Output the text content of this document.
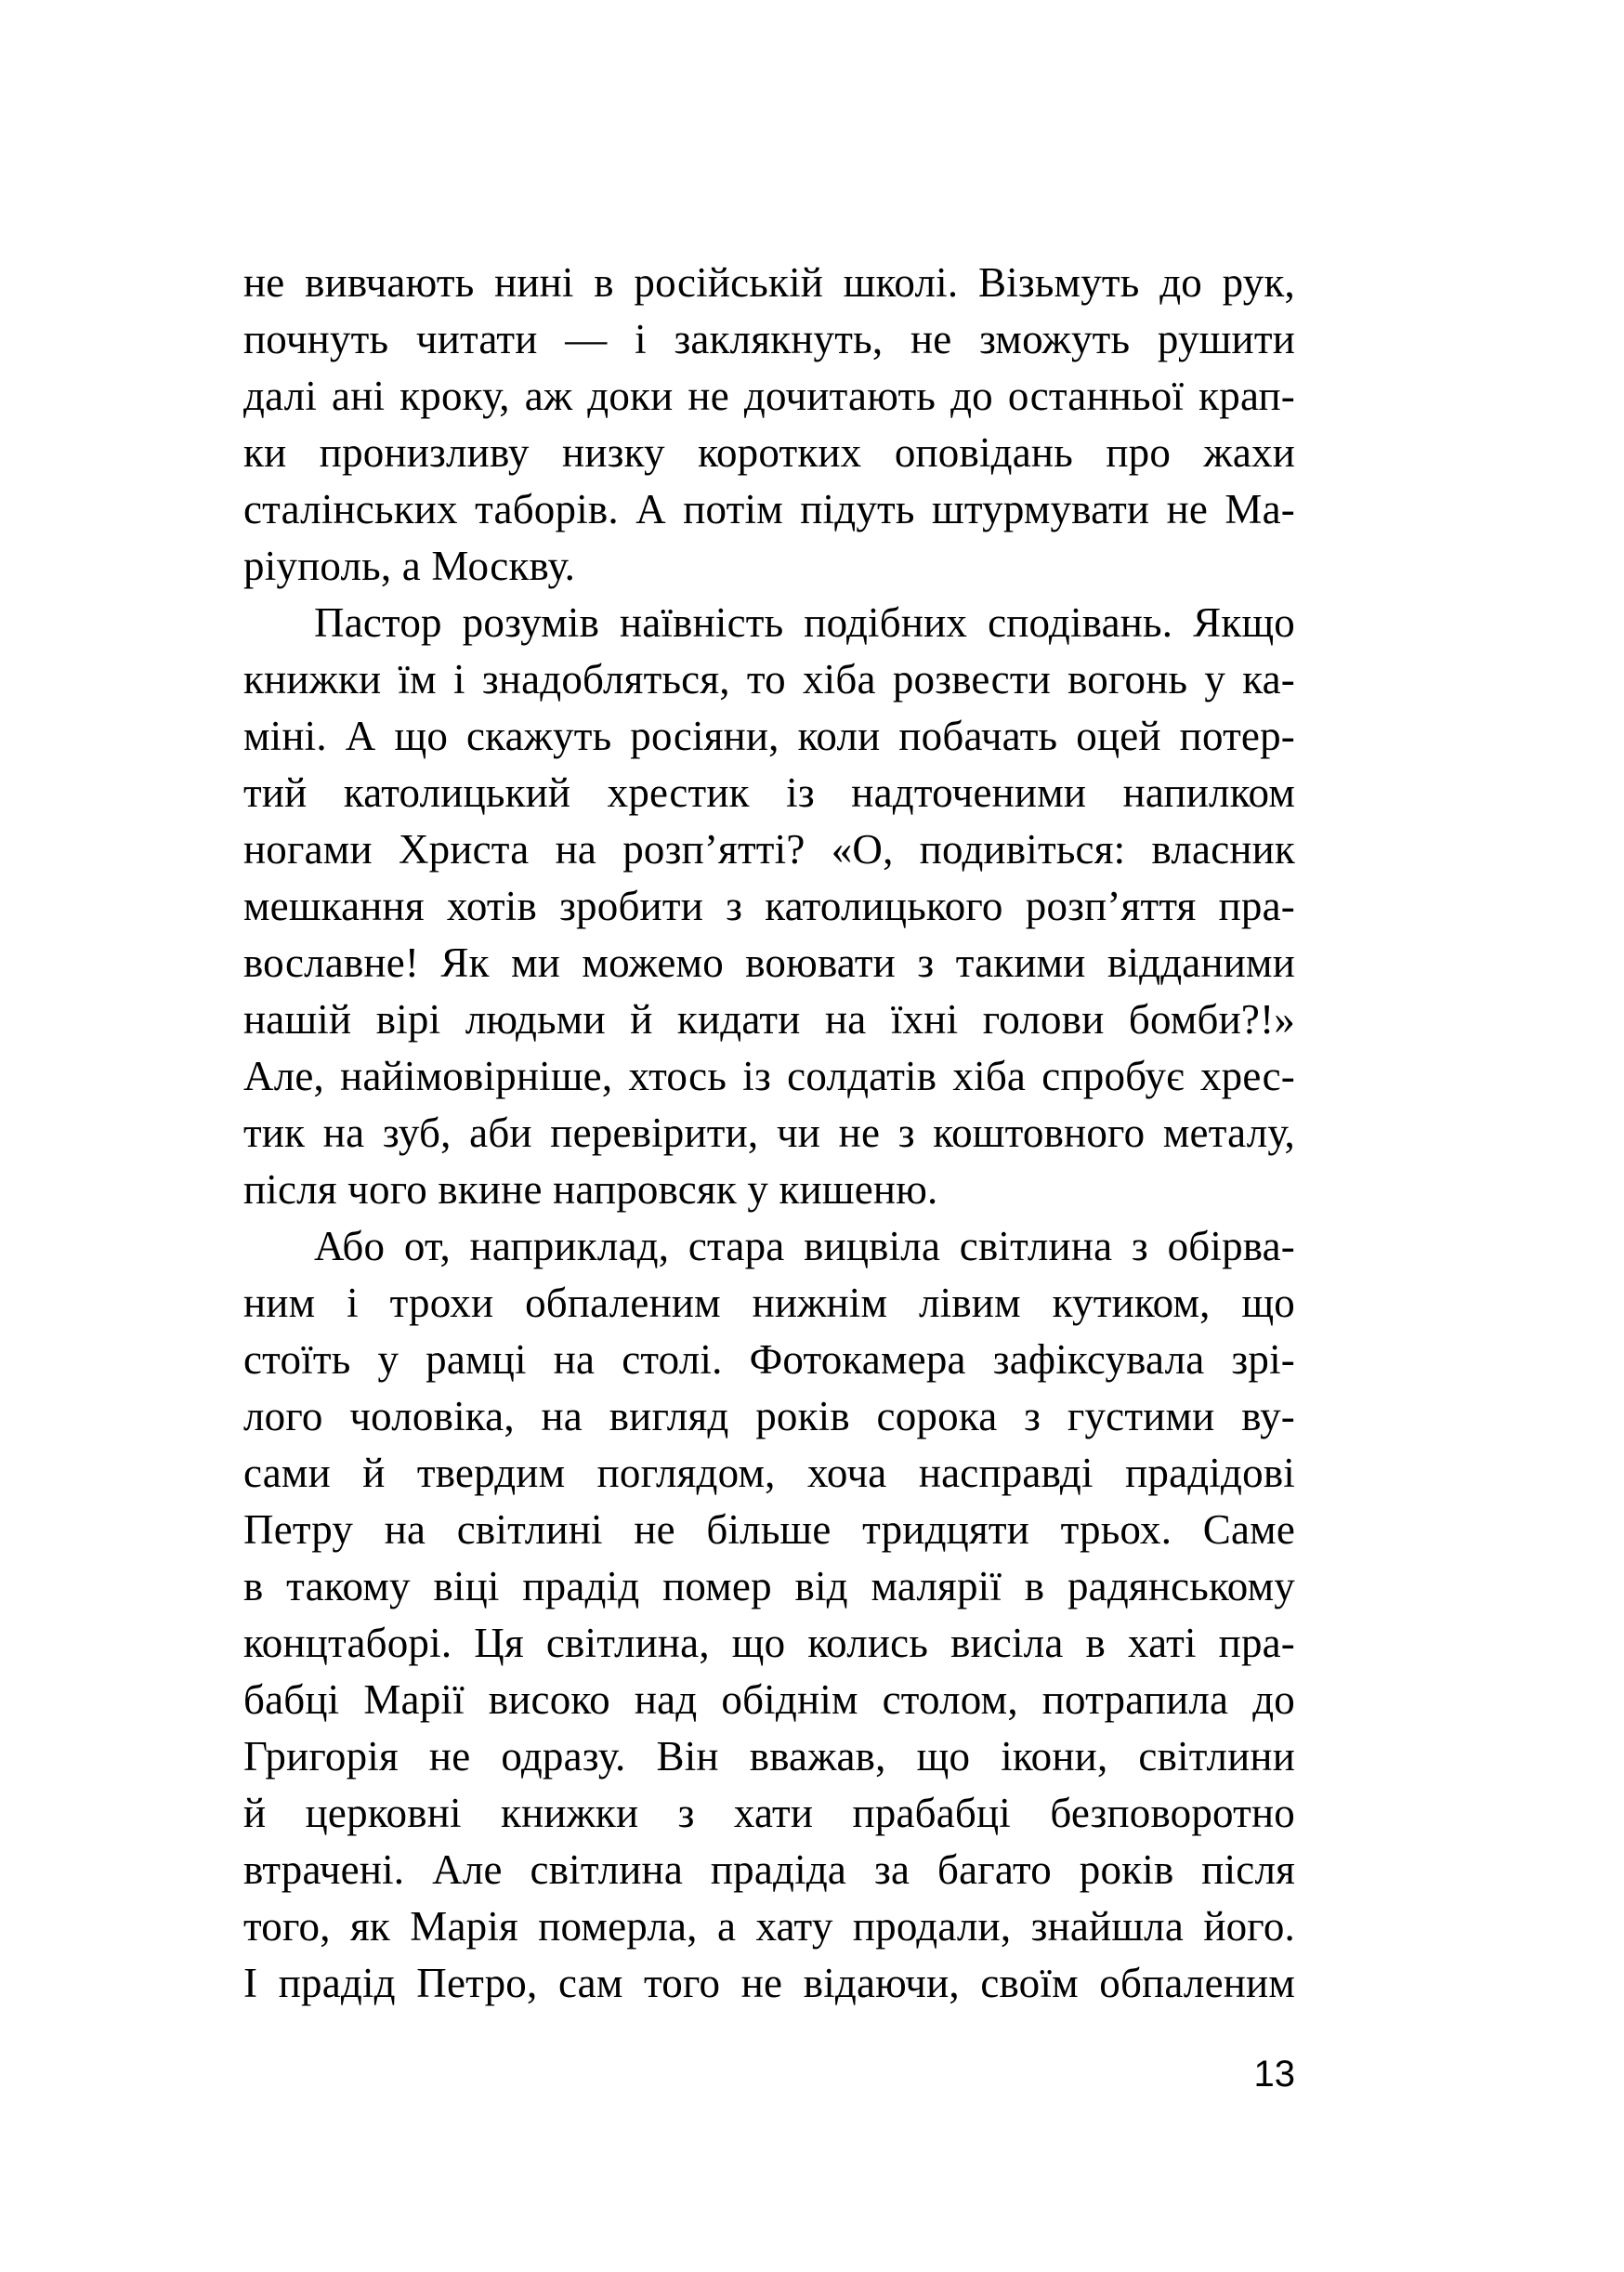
не вивчають нині в російській школі. Візьмуть до рук,
почнуть читати — і заклякнуть, не зможуть рушити
далі ані кроку, аж доки не дочитають до останньої крап-
ки пронизливу низку коротких оповідань про жахи
сталінських таборів. А потім підуть штурмувати не Ма-
ріуполь, а Москву.
Пастор розумів наївність подібних сподівань. Якщо
книжки їм і знадобляться, то хіба розвести вогонь у ка-
міні. А що скажуть росіяни, коли побачать оцей потер-
тий католицький хрестик із надточеними напилком
ногами Христа на розп’ятті? «О, подивіться: власник
мешкання хотів зробити з католицького розп’яття пра-
вославне! Як ми можемо воювати з такими відданими
нашій вірі людьми й кидати на їхні голови бомби?!»
Але, найімовірніше, хтось із солдатів хіба спробує хрес-
тик на зуб, аби перевірити, чи не з коштовного металу,
після чого вкине напровсяк у кишеню.
Або от, наприклад, стара вицвіла світлина з обірва-
ним і трохи обпаленим нижнім лівим кутиком, що
стоїть у рамці на столі. Фотокамера зафіксувала зрі-
лого чоловіка, на вигляд років сорока з густими ву-
сами й твердим поглядом, хоча насправді прадідові
Петру на світлині не більше тридцяти трьох. Саме
в такому віці прадід помер від малярії в радянському
концтаборі. Ця світлина, що колись висіла в хаті пра-
бабці Марії високо над обіднім столом, потрапила до
Григорія не одразу. Він вважав, що ікони, світлини
й церковні книжки з хати прабабці безповоротно
втрачені. Але світлина прадіда за багато років після
того, як Марія померла, а хату продали, знайшла його.
І прадід Петро, сам того не відаючи, своїм обпаленим
13
